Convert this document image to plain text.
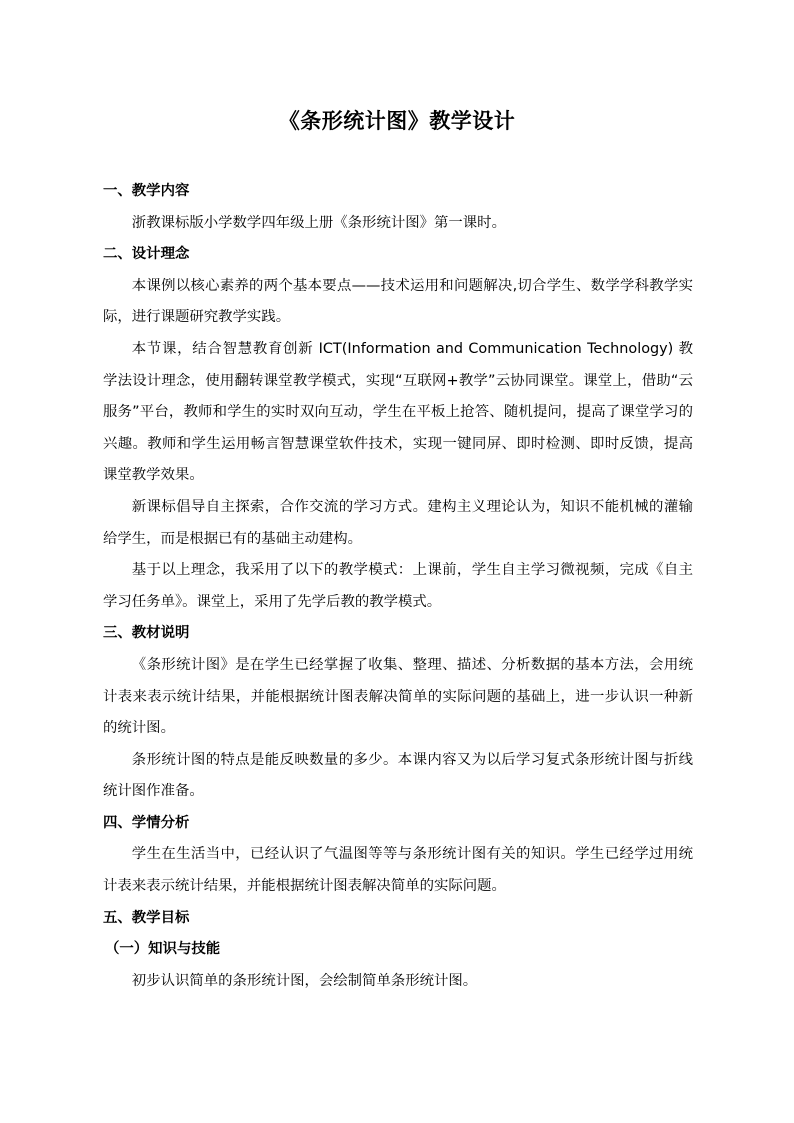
《条形统计图》教学设计

一、教学内容

浙教课标版小学数学四年级上册《条形统计图》第一课时。

二、设计理念

本课例以核心素养的两个基本要点——技术运用和问题解决,切合学生、数学学科教学实际，进行课题研究教学实践。

本节课，结合智慧教育创新 ICT(Information and Communication Technology) 教学法设计理念，使用翻转课堂教学模式，实现“互联网+教学”云协同课堂。课堂上，借助“云服务”平台，教师和学生的实时双向互动，学生在平板上抢答、随机提问，提高了课堂学习的兴趣。教师和学生运用畅言智慧课堂软件技术，实现一键同屏、即时检测、即时反馈，提高课堂教学效果。

新课标倡导自主探索，合作交流的学习方式。建构主义理论认为，知识不能机械的灌输给学生，而是根据已有的基础主动建构。

基于以上理念，我采用了以下的教学模式：上课前，学生自主学习微视频，完成《自主学习任务单》。课堂上，采用了先学后教的教学模式。

三、教材说明

《条形统计图》是在学生已经掌握了收集、整理、描述、分析数据的基本方法，会用统计表来表示统计结果，并能根据统计图表解决简单的实际问题的基础上，进一步认识一种新的统计图。

条形统计图的特点是能反映数量的多少。本课内容又为以后学习复式条形统计图与折线统计图作准备。

四、学情分析

学生在生活当中，已经认识了气温图等等与条形统计图有关的知识。学生已经学过用统计表来表示统计结果，并能根据统计图表解决简单的实际问题。

五、教学目标

（一）知识与技能

初步认识简单的条形统计图，会绘制简单条形统计图。
